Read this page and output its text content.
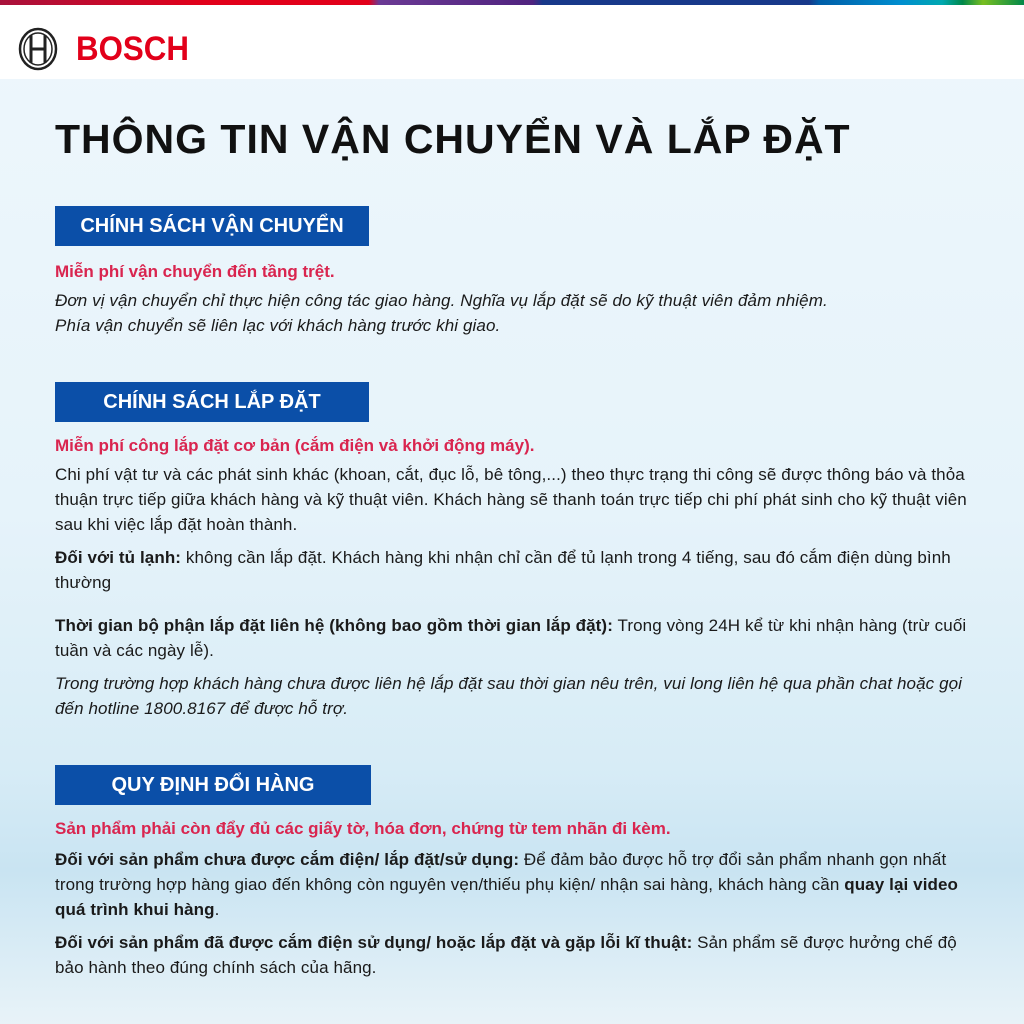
BOSCH
THÔNG TIN VẬN CHUYỂN VÀ LẮP ĐẶT
CHÍNH SÁCH VẬN CHUYỂN
Miễn phí vận chuyển đến tầng trệt.

Đơn vị vận chuyển chỉ thực hiện công tác giao hàng. Nghĩa vụ lắp đặt sẽ do kỹ thuật viên đảm nhiệm.

Phía vận chuyển sẽ liên lạc với khách hàng trước khi giao.

CHÍNH SÁCH LẮP ĐẶT
Miễn phí công lắp đặt cơ bản (cắm điện và khởi động máy).

Chi phí vật tư và các phát sinh khác (khoan, cắt, đục lỗ, bê tông,...) theo thực trạng thi công sẽ được thông báo và thỏa thuận trực tiếp giữa khách hàng và kỹ thuật viên. Khách hàng sẽ thanh toán trực tiếp chi phí phát sinh cho kỹ thuật viên sau khi việc lắp đặt hoàn thành.

Đối với tủ lạnh: không cần lắp đặt. Khách hàng khi nhận chỉ cần để tủ lạnh trong 4 tiếng, sau đó cắm điện dùng bình thường

Thời gian bộ phận lắp đặt liên hệ (không bao gồm thời gian lắp đặt): Trong vòng 24H kể từ khi nhận hàng (trừ cuối tuần và các ngày lễ).

Trong trường hợp khách hàng chưa được liên hệ lắp đặt sau thời gian nêu trên, vui long liên hệ qua phần chat hoặc gọi đến hotline 1800.8167 để được hỗ trợ.

QUY ĐỊNH ĐỔI HÀNG
Sản phẩm phải còn đẩy đủ các giấy tờ, hóa đơn, chứng từ tem nhãn đi kèm.

Đối với sản phẩm chưa được cắm điện/ lắp đặt/sử dụng: Để đảm bảo được hỗ trợ đổi sản phẩm nhanh gọn nhất trong trường hợp hàng giao đến không còn nguyên vẹn/thiếu phụ kiện/ nhận sai hàng, khách hàng cần quay lại video quá trình khui hàng.

Đối với sản phẩm đã được cắm điện sử dụng/ hoặc lắp đặt và gặp lỗi kĩ thuật: Sản phẩm sẽ được hưởng chế độ bảo hành theo đúng chính sách của hãng.
